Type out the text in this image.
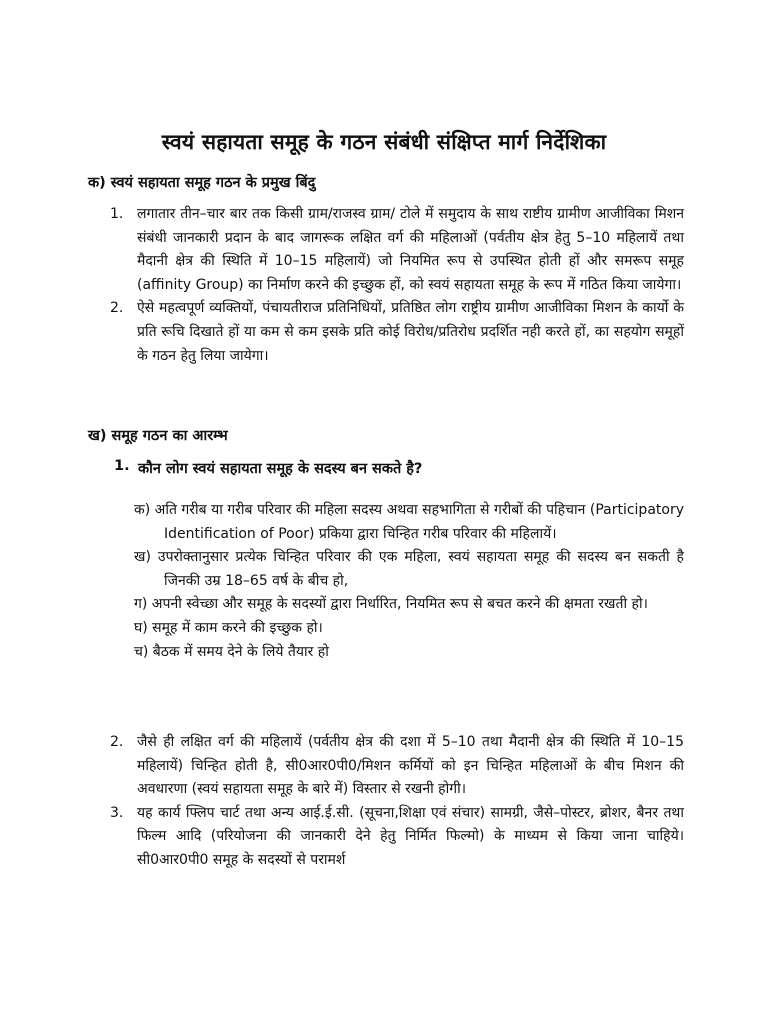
स्वयं सहायता समूह के गठन संबंधी संक्षिप्त मार्ग निर्देशिका
क) स्वयं सहायता समूह गठन के प्रमुख बिंदु
1. लगातार तीन–चार बार तक किसी ग्राम/राजस्व ग्राम/ टोले में समुदाय के साथ राष्टीय ग्रामीण आजीविका मिशन संबंधी जानकारी प्रदान के बाद जागरूक लक्षित वर्ग की महिलाओं (पर्वतीय क्षेत्र हेतु 5–10 महिलायें तथा मैदानी क्षेत्र की स्थिति में 10–15 महिलायें) जो नियमित रूप से उपस्थित होती हों और समरूप समूह (affinity Group) का निर्माण करने की इच्छुक हों, को स्वयं सहायता समूह के रूप में गठित किया जायेगा।
2. ऐसे महत्वपूर्ण व्यक्तियों, पंचायतीराज प्रतिनिधियों, प्रतिष्ठित लोग राष्ट्रीय ग्रामीण आजीविका मिशन के कार्यो के प्रति रूचि दिखाते हों या कम से कम इसके प्रति कोई विरोध/प्रतिरोध प्रदर्शित नही करते हों, का सहयोग समूहों के गठन हेतु लिया जायेगा।
ख) समूह गठन का आरम्भ
1. कौन लोग स्वयं सहायता समूह के सदस्य बन सकते है?
क) अति गरीब या गरीब परिवार की महिला सदस्य अथवा सहभागिता से गरीबों की पहिचान (Participatory Identification of Poor) प्रकिया द्वारा चिन्हित गरीब परिवार की महिलायें।
ख) उपरोक्तानुसार प्रत्येक चिन्हित परिवार की एक महिला, स्वयं सहायता समूह की सदस्य बन सकती है जिनकी उम्र 18–65 वर्ष के बीच हो,
ग) अपनी स्वेच्छा और समूह के सदस्यों द्वारा निर्धारित, नियमित रूप से बचत करने की क्षमता रखती हो।
घ) समूह में काम करने की इच्छुक हो।
च) बैठक में समय देने के लिये तैयार हो
2. जैसे ही लक्षित वर्ग की महिलायें (पर्वतीय क्षेत्र की दशा में 5–10 तथा मैदानी क्षेत्र की स्थिति में 10–15 महिलायें) चिन्हित होती है, सी0आर0पी0/मिशन कर्मियों को इन चिन्हित महिलाओं के बीच मिशन की अवधारणा (स्वयं सहायता समूह के बारे में) विस्तार से रखनी होगी।
3. यह कार्य फ्लिप चार्ट तथा अन्य आई.ई.सी. (सूचना,शिक्षा एवं संचार) सामग्री, जैसे–पोस्टर, ब्रोशर, बैनर तथा फिल्म आदि (परियोजना की जानकारी देने हेतु निर्मित फिल्मो) के माध्यम से किया जाना चाहिये। सी0आर0पी0 समूह के सदस्यों से परामर्श
